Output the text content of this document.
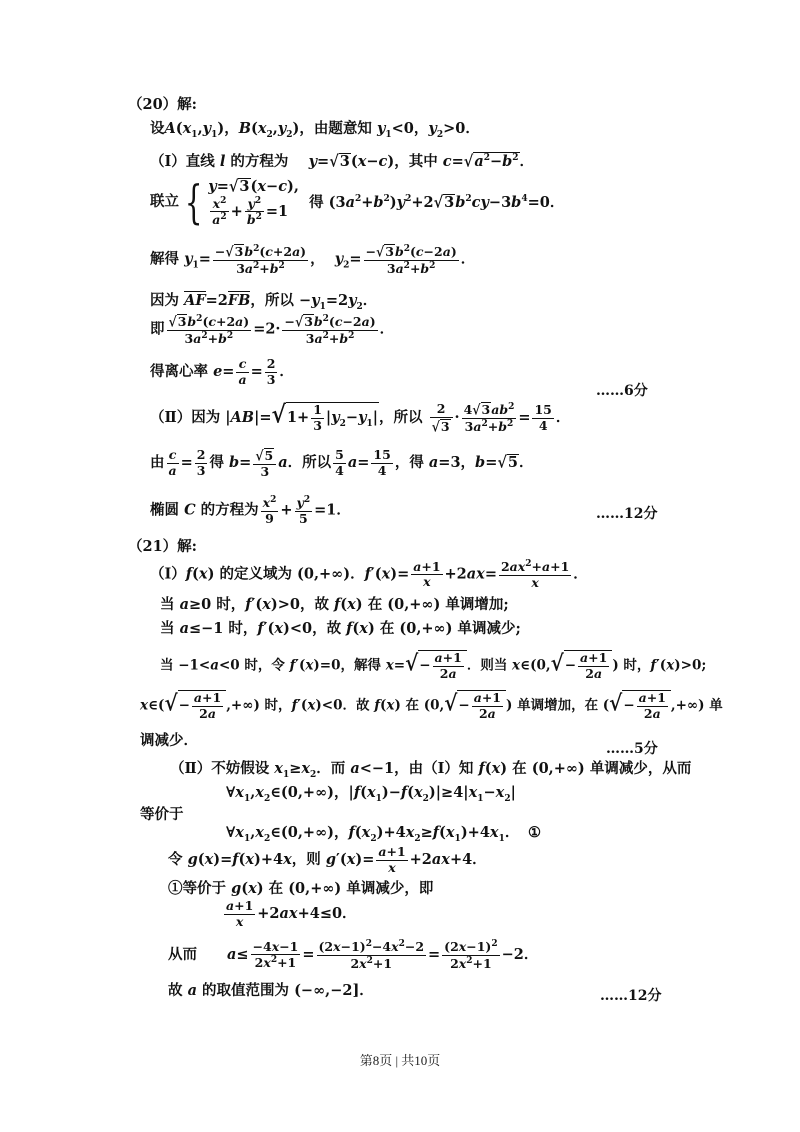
（20）解:
设$A(x_1,y_1)$，$B(x_2,y_2)$，由题意知 $y_1<0$，$y_2>0$．
（Ⅰ）直线 l 的方程为    y=√3(x−c)，其中 $c=√a^2-b^2$．
联立 { y=√3(x−c),
$\frac{x^2}{a^2} + \frac{y^2}{b^2} =1$	得 $(3a^2+b^2)y^2+2√3b^2cy-3b^4=0$．
解得 $y_1= \frac{-√3b^2(c+2a)}{3a^2+b^2}$ ，  $y_2= \frac{-√3b^2(c-2a)}{3a^2+b^2}$ ．
因为 AF=2FB，所以 $-y_1=2y_2$．
即 $\frac{√3b^2(c+2a)}{3a^2+b^2} =2\cdot \frac{-√3b^2(c-2a)}{3a^2+b^2}$ ．
得离心率 $e= \frac{c}{a} = \frac{2}{3}$ ．
……6分
（Ⅱ）因为 $|AB|=√1+ \frac{1}{3} |y_2-y_1|$，所以 $\frac{2}{√3} \cdot \frac{4√3ab^2}{3a^2+b^2} = \frac{15}{4}$ ．
由 $\frac{c}{a} = \frac{2}{3}$ 得 $b= \frac{√5}{3}$ a．所以 $\frac{5}{4} a= \frac{15}{4}$ ，得 a=3，b=√5．
椭圆 C 的方程为 $\frac{x^2}{9} + \frac{y^2}{5} =1$．	……12分
（21）解:
（Ⅰ）f(x) 的定义域为 (0,+∞)．$f'(x)= \frac{a+1}{x} +2ax= \frac{2ax^2+a+1}{x}$ ．
当 a≥0 时，f′(x)>0，故 f(x) 在 (0,+∞) 单调增加;
当 a≤−1 时，f′(x)<0，故 f(x) 在 (0,+∞) 单调减少;
当 −1<a<0 时，令 f′(x)=0，解得 $x=√- \frac{a+1}{2a}$ ．则当 x∈(0,√− $\frac{a+1}{2a}$ ) 时，f′(x)>0;
x∈(√− $\frac{a+1}{2a}$ ,+∞) 时，f′(x)<0．故 f(x) 在 ($0,√- \frac{a+1}{2a}$ ) 单调增加，在 (√− $\frac{a+1}{2a}$ ,+∞) 单
调减少．	……5分
（Ⅱ）不妨假设 $x_1\ge x_2$．而 a<−1，由（Ⅰ）知 f(x) 在 (0,+∞) 单调减少，从而
$\forall x_1,x_2\in(0,+\infty)$，$|f(x_1)-f(x_2)|\ge 4|x_1-x_2|$
等价于
$\forall x_1,x_2\in(0,+\infty)$，$f(x_2)+4x_2\ge f(x_1)+4x_1$． ①
令 g(x)=f(x)+4x，则 $g'(x)= \frac{a+1}{x} +2ax+4$．
①等价于 g(x) 在 (0,+∞) 单调减少，即
$\frac{a+1}{x} +2ax+4\le 0$．
从而 $a\le \frac{-4x-1}{2x^2+1} = \frac{(2x-1)^2-4x^2-2}{2x^2+1} = \frac{(2x-1)^2}{2x^2+1} -2$．
故 a 的取值范围为 (−∞,−2]．	……12分
第8页 | 共10页
